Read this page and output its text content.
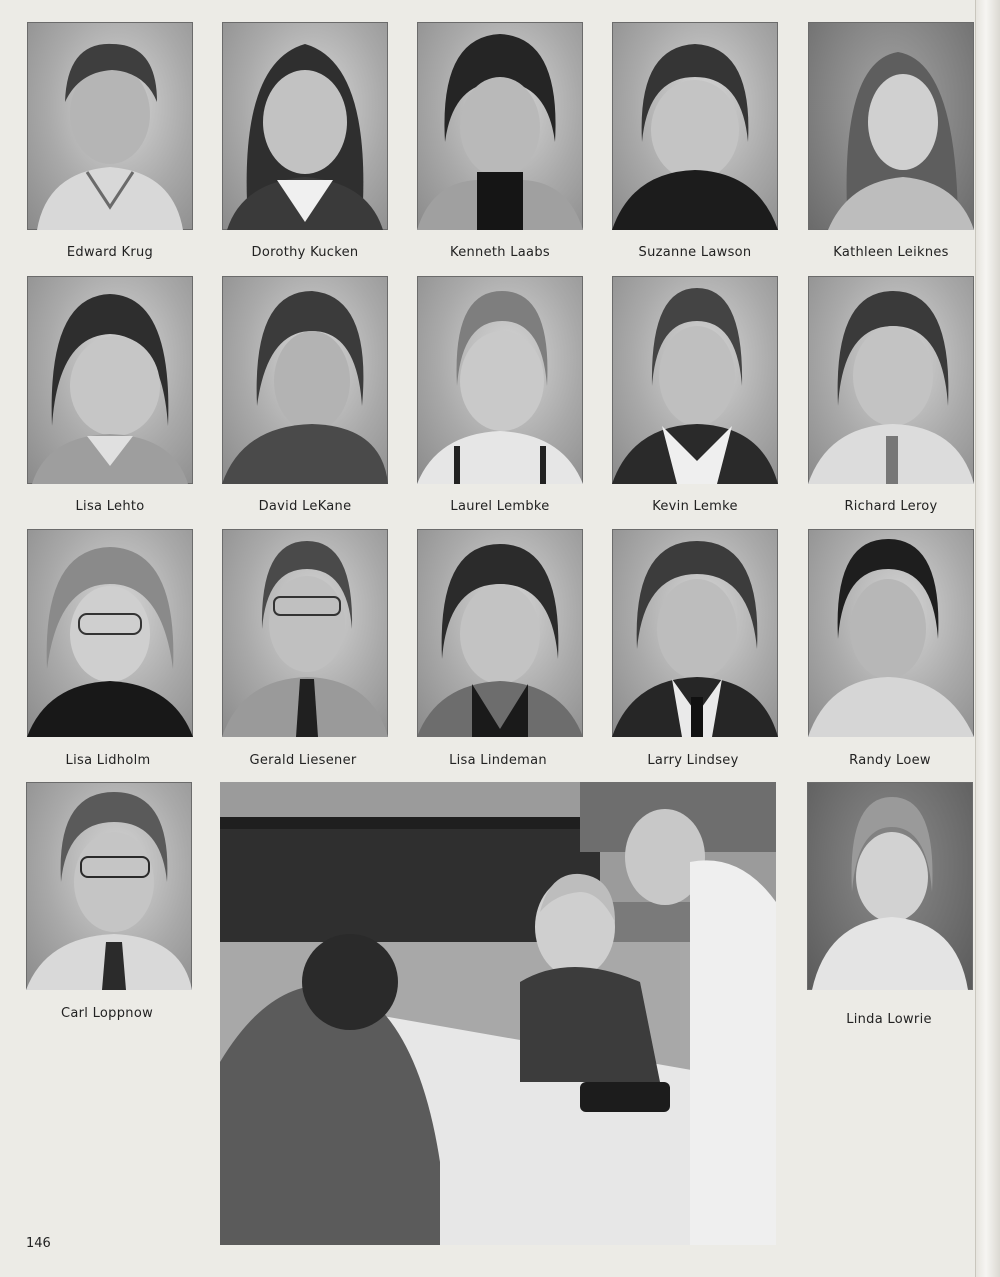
Edward Krug	Dorothy Kucken	Kenneth Laabs	Suzanne Lawson	Kathleen Leiknes
Lisa Lehto	David LeKane	Laurel Lembke	Kevin Lemke	Richard Leroy
Lisa Lidholm	Gerald Liesener	Lisa Lindeman	Larry Lindsey	Randy Loew
Carl Loppnow	Linda Lowrie
146
